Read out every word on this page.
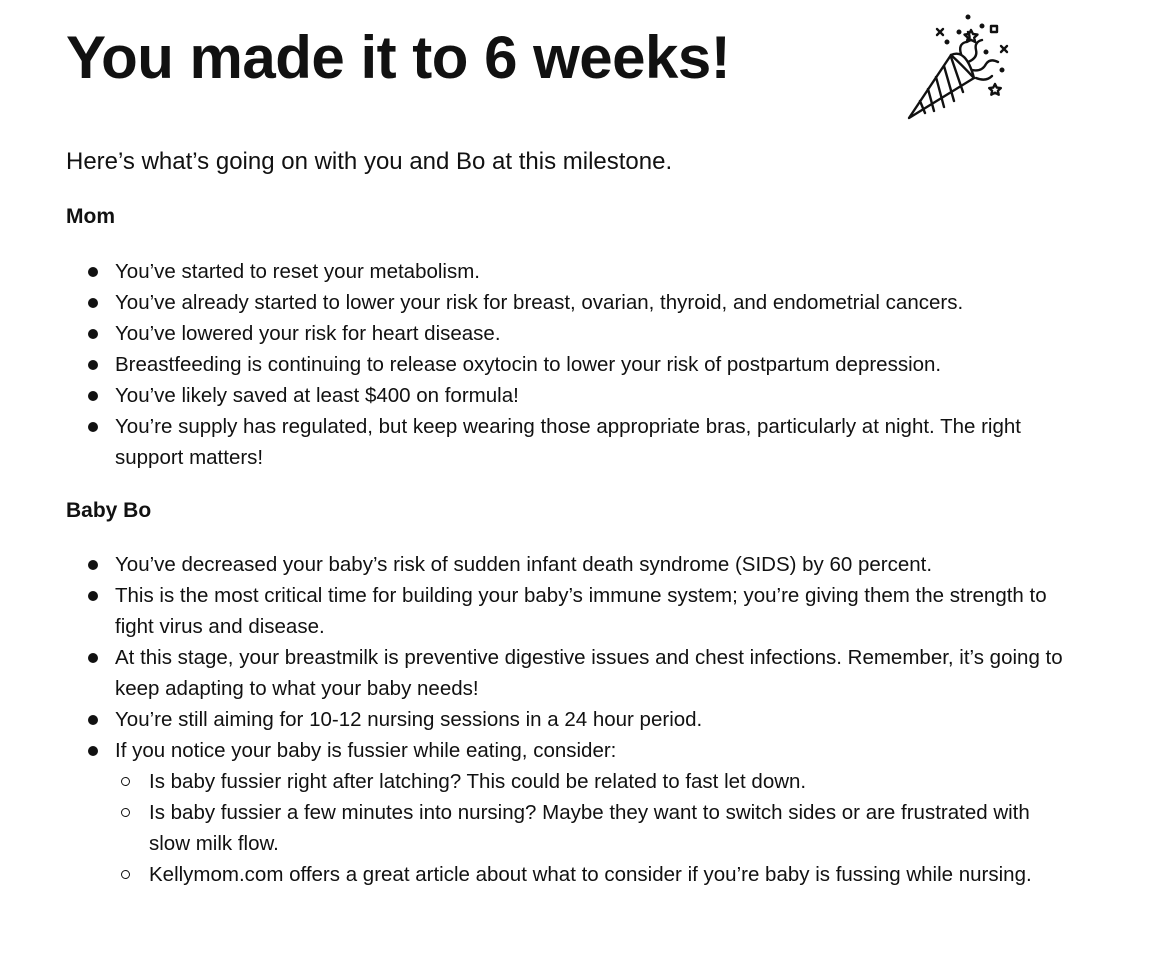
You made it to 6 weeks!

Here’s what’s going on with you and Bo at this milestone.

Mom
You’ve started to reset your metabolism.
You’ve already started to lower your risk for breast, ovarian, thyroid, and endometrial cancers.
You’ve lowered your risk for heart disease.
Breastfeeding is continuing to release oxytocin to lower your risk of postpartum depression.
You’ve likely saved at least $400 on formula!
You’re supply has regulated, but keep wearing those appropriate bras, particularly at night. The right support matters!
Baby Bo
You’ve decreased your baby’s risk of sudden infant death syndrome (SIDS) by 60 percent.
This is the most critical time for building your baby’s immune system; you’re giving them the strength to fight virus and disease.
At this stage, your breastmilk is preventive digestive issues and chest infections. Remember, it’s going to keep adapting to what your baby needs!
You’re still aiming for 10-12 nursing sessions in a 24 hour period.
If you notice your baby is fussier while eating, consider:
Is baby fussier right after latching? This could be related to fast let down.
Is baby fussier a few minutes into nursing? Maybe they want to switch sides or are frustrated with slow milk flow.
Kellymom.com offers a great article about what to consider if you’re baby is fussing while nursing.
